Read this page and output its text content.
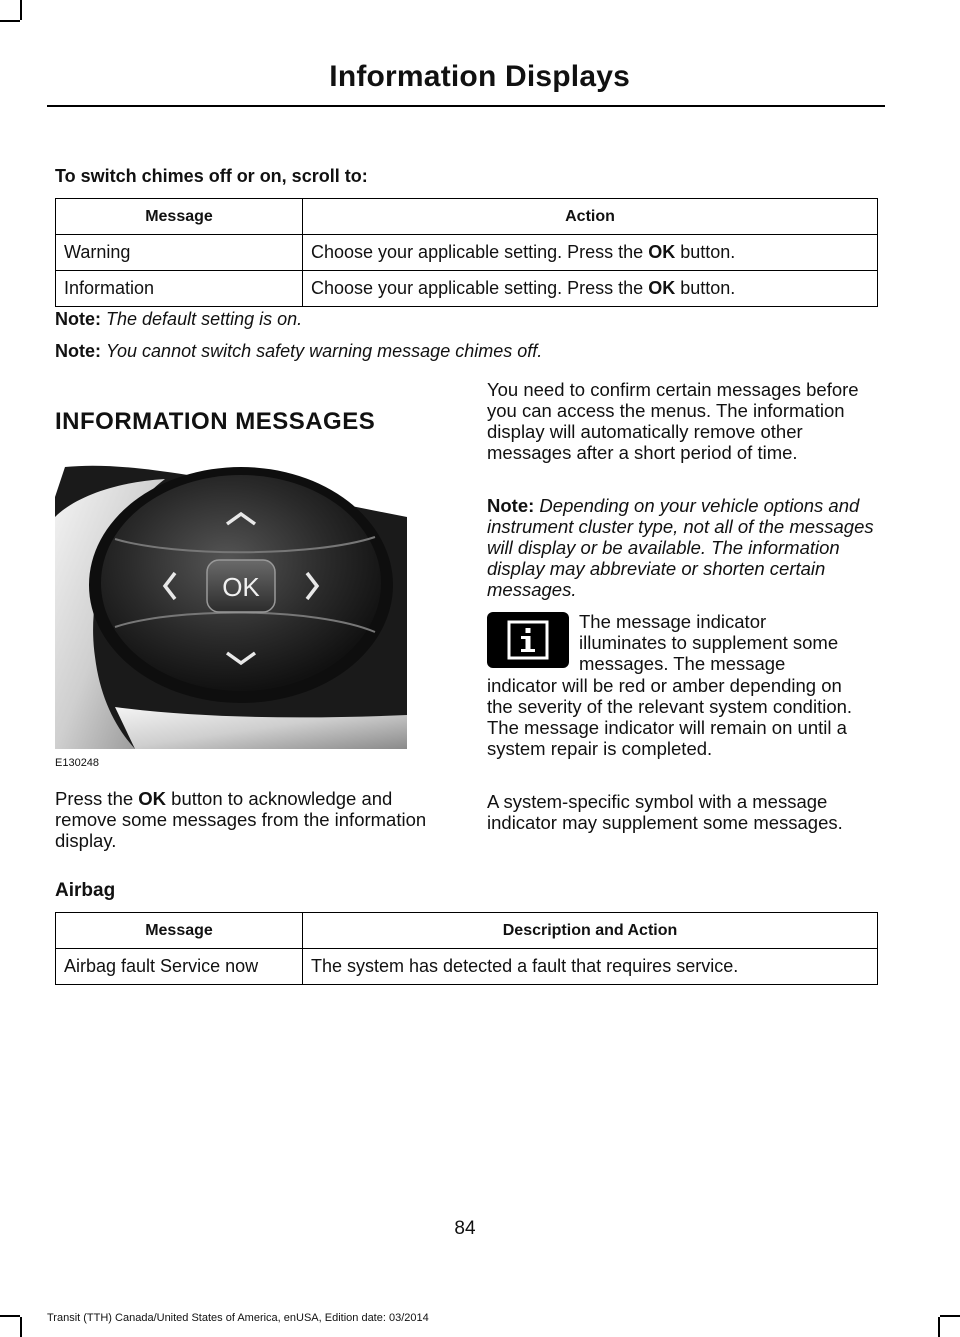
Information Displays
To switch chimes off or on, scroll to:
Message	Action
Warning	Choose your applicable setting. Press the OK button.
Information	Choose your applicable setting. Press the OK button.
Note: The default setting is on.
Note: You cannot switch safety warning message chimes off.
INFORMATION MESSAGES
OK
E130248

Press the OK button to acknowledge and remove some messages from the information display.

You need to confirm certain messages before you can access the menus. The information display will automatically remove other messages after a short period of time.

Note: Depending on your vehicle options and instrument cluster type, not all of the messages will display or be available. The information display may abbreviate or shorten certain messages.

The message indicator
illuminates to supplement some
messages. The message

indicator will be red or amber depending on the severity of the relevant system condition. The message indicator will remain on until a system repair is completed.

A system-specific symbol with a message indicator may supplement some messages.

Airbag
Message	Description and Action
Airbag fault Service now	The system has detected a fault that requires service.
84
Transit (TTH) Canada/United States of America, enUSA, Edition date: 03/2014
